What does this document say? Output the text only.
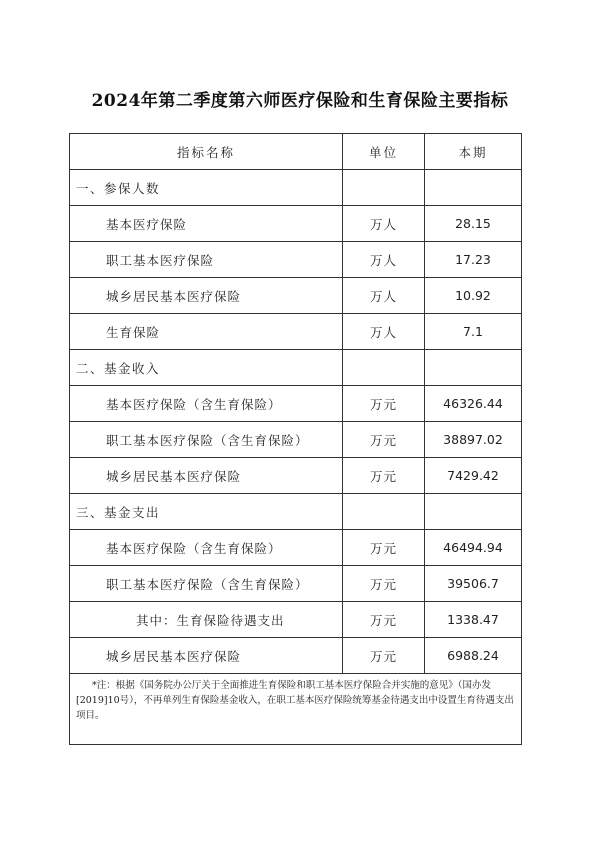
2024年第二季度第六师医疗保险和生育保险主要指标
指标名称	单位	本期
一、参保人数		
基本医疗保险	万人	28.15
职工基本医疗保险	万人	17.23
城乡居民基本医疗保险	万人	10.92
生育保险	万人	7.1
二、基金收入		
基本医疗保险（含生育保险）	万元	46326.44
职工基本医疗保险（含生育保险）	万元	38897.02
城乡居民基本医疗保险	万元	7429.42
三、基金支出		
基本医疗保险（含生育保险）	万元	46494.94
职工基本医疗保险（含生育保险）	万元	39506.7
其中：生育保险待遇支出	万元	1338.47
城乡居民基本医疗保险	万元	6988.24
*注：根据《国务院办公厅关于全面推进生育保险和职工基本医疗保险合并实施的意见》（国办发[2019]10号），不再单列生育保险基金收入，在职工基本医疗保险统筹基金待遇支出中设置生育待遇支出项目。		
